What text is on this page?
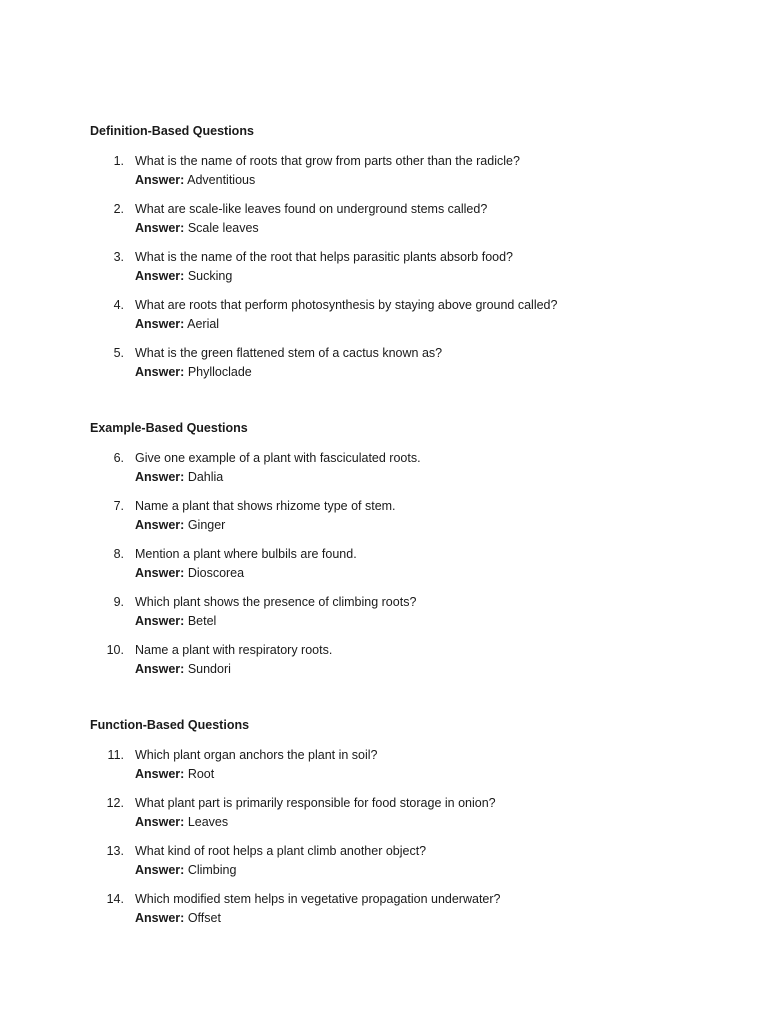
Definition-Based Questions
1. What is the name of roots that grow from parts other than the radicle?
Answer: Adventitious
2. What are scale-like leaves found on underground stems called?
Answer: Scale leaves
3. What is the name of the root that helps parasitic plants absorb food?
Answer: Sucking
4. What are roots that perform photosynthesis by staying above ground called?
Answer: Aerial
5. What is the green flattened stem of a cactus known as?
Answer: Phylloclade
Example-Based Questions
6. Give one example of a plant with fasciculated roots.
Answer: Dahlia
7. Name a plant that shows rhizome type of stem.
Answer: Ginger
8. Mention a plant where bulbils are found.
Answer: Dioscorea
9. Which plant shows the presence of climbing roots?
Answer: Betel
10. Name a plant with respiratory roots.
Answer: Sundori
Function-Based Questions
11. Which plant organ anchors the plant in soil?
Answer: Root
12. What plant part is primarily responsible for food storage in onion?
Answer: Leaves
13. What kind of root helps a plant climb another object?
Answer: Climbing
14. Which modified stem helps in vegetative propagation underwater?
Answer: Offset
